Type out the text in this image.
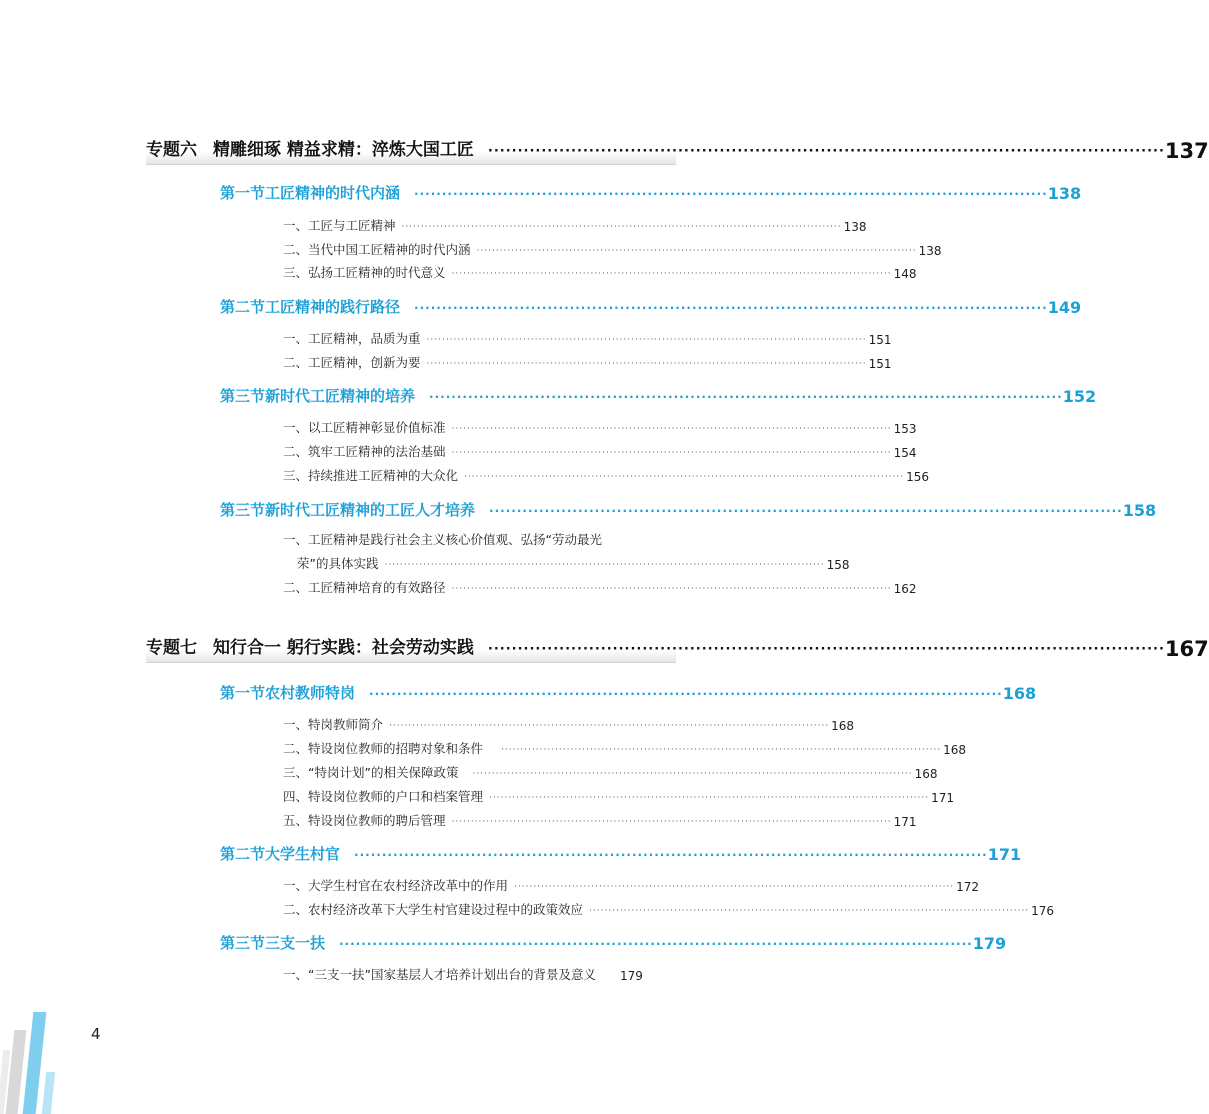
专题六 精雕细琢 精益求精：淬炼大国工匠 ·················································································································· 137
第一节 工匠精神的时代内涵 ·················································································································· 138
一、工匠与工匠精神 ·················································································································· 138
二、当代中国工匠精神的时代内涵 ·················································································································· 138
三、弘扬工匠精神的时代意义 ·················································································································· 148
第二节 工匠精神的践行路径 ·················································································································· 149
一、工匠精神，品质为重 ·················································································································· 151
二、工匠精神，创新为要 ·················································································································· 151
第三节 新时代工匠精神的培养 ·················································································································· 152
一、以工匠精神彰显价值标准 ·················································································································· 153
二、筑牢工匠精神的法治基础 ·················································································································· 154
三、持续推进工匠精神的大众化 ·················································································································· 156
第三节 新时代工匠精神的工匠人才培养 ·················································································································· 158
一、工匠精神是践行社会主义核心价值观、弘扬“劳动最光
荣”的具体实践 ·················································································································· 158
二、工匠精神培育的有效路径 ·················································································································· 162
专题七 知行合一 躬行实践：社会劳动实践 ·················································································································· 167
第一节 农村教师特岗 ·················································································································· 168
一、特岗教师简介 ·················································································································· 168
二、特设岗位教师的招聘对象和条件 ·················································································································· 168
三、“特岗计划”的相关保障政策 ·················································································································· 168
四、特设岗位教师的户口和档案管理 ·················································································································· 171
五、特设岗位教师的聘后管理 ·················································································································· 171
第二节 大学生村官 ·················································································································· 171
一、大学生村官在农村经济改革中的作用 ·················································································································· 172
二、农村经济改革下大学生村官建设过程中的政策效应 ·················································································································· 176
第三节 三支一扶 ·················································································································· 179
一、“三支一扶”国家基层人才培养计划出台的背景及意义 179
4
